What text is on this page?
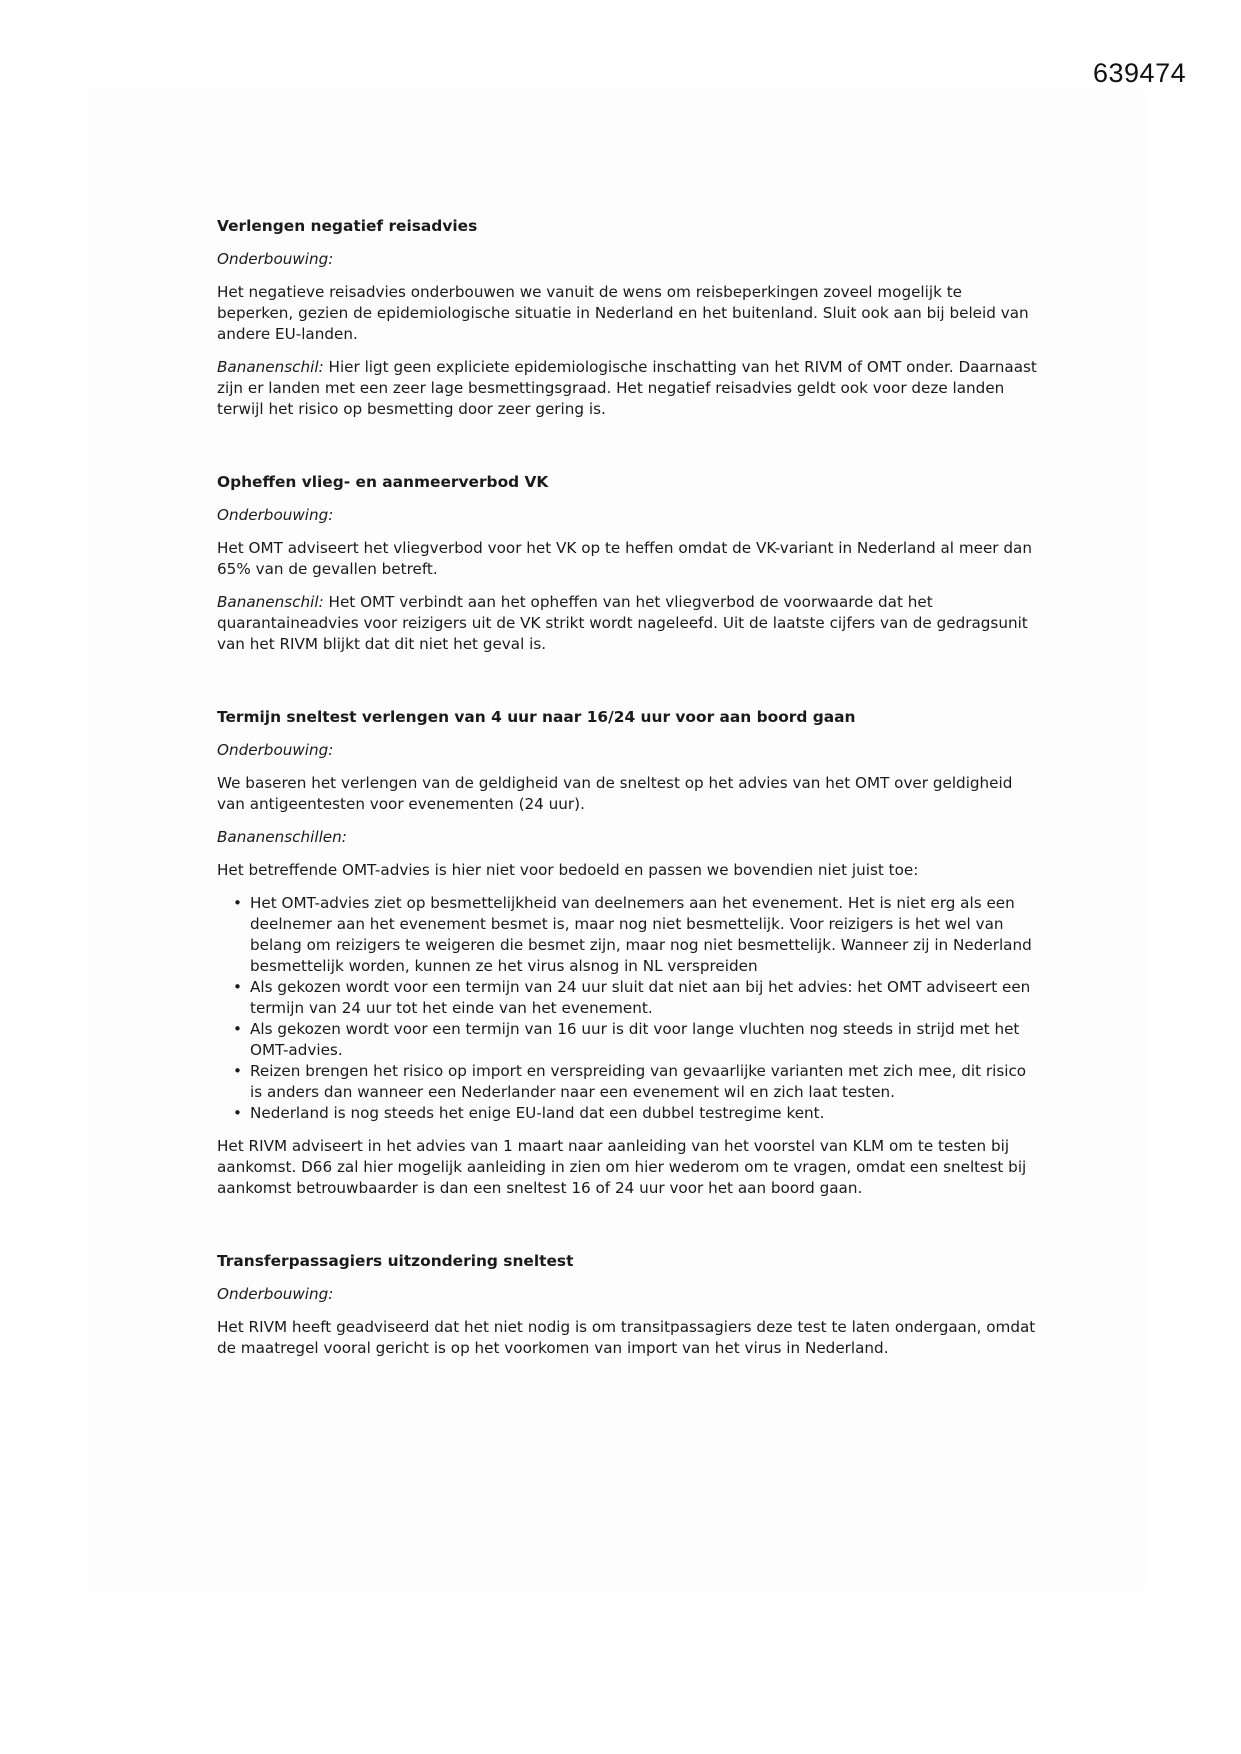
639474
Verlengen negatief reisadvies
Onderbouwing:

Het negatieve reisadvies onderbouwen we vanuit de wens om reisbeperkingen zoveel mogelijk te beperken, gezien de epidemiologische situatie in Nederland en het buitenland. Sluit ook aan bij beleid van andere EU-landen.

Bananenschil: Hier ligt geen expliciete epidemiologische inschatting van het RIVM of OMT onder. Daarnaast zijn er landen met een zeer lage besmettingsgraad. Het negatief reisadvies geldt ook voor deze landen terwijl het risico op besmetting door zeer gering is.

Opheffen vlieg- en aanmeerverbod VK
Onderbouwing:

Het OMT adviseert het vliegverbod voor het VK op te heffen omdat de VK-variant in Nederland al meer dan 65% van de gevallen betreft.

Bananenschil: Het OMT verbindt aan het opheffen van het vliegverbod de voorwaarde dat het quarantaineadvies voor reizigers uit de VK strikt wordt nageleefd. Uit de laatste cijfers van de gedragsunit van het RIVM blijkt dat dit niet het geval is.

Termijn sneltest verlengen van 4 uur naar 16/24 uur voor aan boord gaan
Onderbouwing:

We baseren het verlengen van de geldigheid van de sneltest op het advies van het OMT over geldigheid van antigeentesten voor evenementen (24 uur).

Bananenschillen:

Het betreffende OMT-advies is hier niet voor bedoeld en passen we bovendien niet juist toe:

• Het OMT-advies ziet op besmettelijkheid van deelnemers aan het evenement. Het is niet erg als een deelnemer aan het evenement besmet is, maar nog niet besmettelijk. Voor reizigers is het wel van belang om reizigers te weigeren die besmet zijn, maar nog niet besmettelijk. Wanneer zij in Nederland besmettelijk worden, kunnen ze het virus alsnog in NL verspreiden
• Als gekozen wordt voor een termijn van 24 uur sluit dat niet aan bij het advies: het OMT adviseert een termijn van 24 uur tot het einde van het evenement.
• Als gekozen wordt voor een termijn van 16 uur is dit voor lange vluchten nog steeds in strijd met het OMT-advies.
• Reizen brengen het risico op import en verspreiding van gevaarlijke varianten met zich mee, dit risico is anders dan wanneer een Nederlander naar een evenement wil en zich laat testen.
• Nederland is nog steeds het enige EU-land dat een dubbel testregime kent.

Het RIVM adviseert in het advies van 1 maart naar aanleiding van het voorstel van KLM om te testen bij aankomst. D66 zal hier mogelijk aanleiding in zien om hier wederom om te vragen, omdat een sneltest bij aankomst betrouwbaarder is dan een sneltest 16 of 24 uur voor het aan boord gaan.

Transferpassagiers uitzondering sneltest
Onderbouwing:

Het RIVM heeft geadviseerd dat het niet nodig is om transitpassagiers deze test te laten ondergaan, omdat de maatregel vooral gericht is op het voorkomen van import van het virus in Nederland.
